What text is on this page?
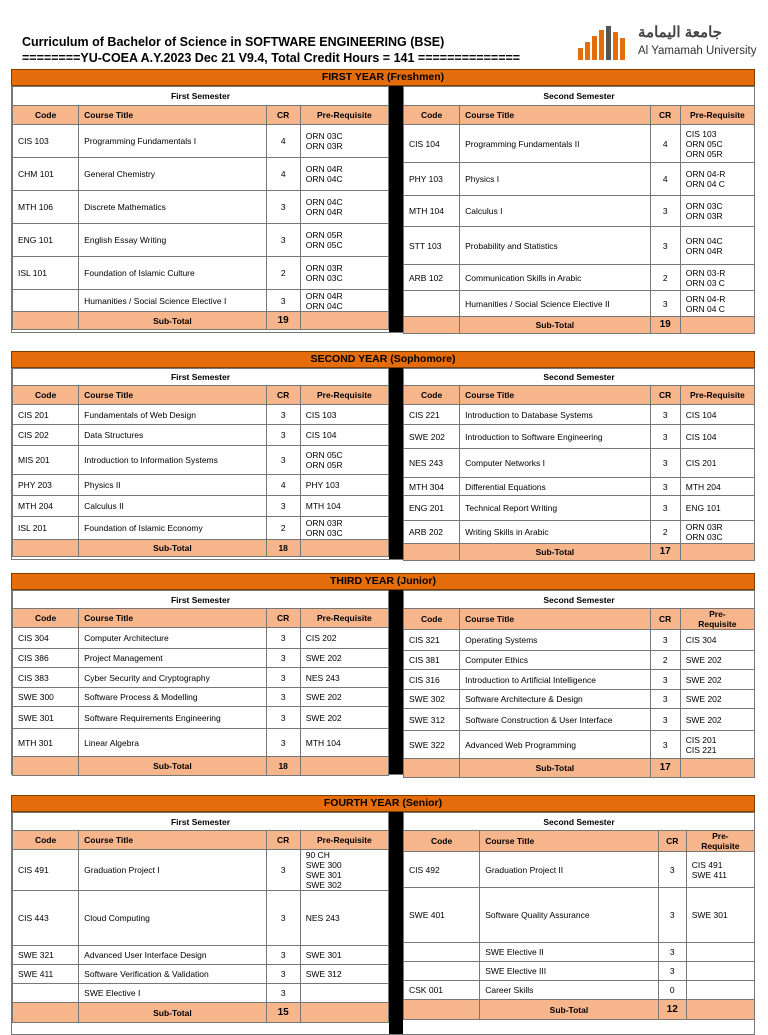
Curriculum of Bachelor of Science in SOFTWARE ENGINEERING (BSE)
========YU-COEA A.Y.2023 Dec 21 V9.4, Total Credit Hours = 141 ==============
جامعة اليمامة
Al Yamamah University
FIRST YEAR (Freshmen)
First Semester			
Code	Course Title	CR	Pre-Requisite
CIS 103	Programming Fundamentals I	4	ORN 03C
ORN 03R
CHM 101	General Chemistry	4	ORN 04R
ORN 04C
MTH 106	Discrete Mathematics	3	ORN 04C
ORN 04R
ENG 101	English Essay Writing	3	ORN 05R
ORN 05C
ISL 101	Foundation of Islamic Culture	2	ORN 03R
ORN 03C
	Humanities / Social Science Elective I	3	ORN 04R
ORN 04C
	Sub-Total	19	
Second Semester			
Code	Course Title	CR	Pre-Requisite
CIS 104	Programming Fundamentals II	4	CIS 103
ORN 05C
ORN 05R
PHY 103	Physics I	4	ORN 04-R
ORN 04 C
MTH 104	Calculus I	3	ORN 03C
ORN 03R
STT 103	Probability and Statistics	3	ORN 04C
ORN 04R
ARB 102	Communication Skills in Arabic	2	ORN 03-R
ORN 03 C
	Humanities / Social Science Elective II	3	ORN 04-R
ORN 04 C
	Sub-Total	19	
SECOND YEAR (Sophomore)
First Semester			
Code	Course Title	CR	Pre-Requisite
CIS 201	Fundamentals of Web Design	3	CIS 103
CIS 202	Data Structures	3	CIS 104
MIS 201	Introduction to Information Systems	3	ORN 05C
ORN 05R
PHY 203	Physics II	4	PHY 103
MTH 204	Calculus II	3	MTH 104
ISL 201	Foundation of Islamic Economy	2	ORN 03R
ORN 03C
	Sub-Total	18	
Second Semester			
Code	Course Title	CR	Pre-Requisite
CIS 221	Introduction to Database Systems	3	CIS 104
SWE 202	Introduction to Software Engineering	3	CIS 104
NES 243	Computer Networks I	3	CIS 201
MTH 304	Differential Equations	3	MTH 204
ENG 201	Technical Report Writing	3	ENG 101
ARB 202	Writing Skills in Arabic	2	ORN 03R
ORN 03C
	Sub-Total	17	
THIRD YEAR (Junior)
First Semester			
Code	Course Title	CR	Pre-Requisite
CIS 304	Computer Architecture	3	CIS 202
CIS 386	Project Management	3	SWE 202
CIS 383	Cyber Security and Cryptography	3	NES 243
SWE 300	Software Process & Modelling	3	SWE 202
SWE 301	Software Requirements Engineering	3	SWE 202
MTH 301	Linear Algebra	3	MTH 104
	Sub-Total	18	
Second Semester			
Code	Course Title	CR	Pre-
Requisite
CIS 321	Operating Systems	3	CIS 304
CIS 381	Computer Ethics	2	SWE 202
CIS 316	Introduction to Artificial Intelligence	3	SWE 202
SWE 302	Software Architecture & Design	3	SWE 202
SWE 312	Software Construction & User Interface	3	SWE 202
SWE 322	Advanced Web Programming	3	CIS 201
CIS 221
	Sub-Total	17	
FOURTH YEAR (Senior)
First Semester			
Code	Course Title	CR	Pre-Requisite
CIS 491	Graduation Project I	3	90 CH
SWE 300
SWE 301
SWE 302
CIS 443	Cloud Computing	3	NES 243
SWE 321	Advanced User Interface Design	3	SWE 301
SWE 411	Software Verification & Validation	3	SWE 312
	SWE Elective I	3	
	Sub-Total	15	
Second Semester			
Code	Course Title	CR	Pre-
Requisite
CIS 492	Graduation Project II	3	CIS 491
SWE 411
SWE 401	Software Quality Assurance	3	SWE 301
	SWE Elective II	3	
	SWE Elective III	3	
CSK 001	Career Skills	0	
	Sub-Total	12	
